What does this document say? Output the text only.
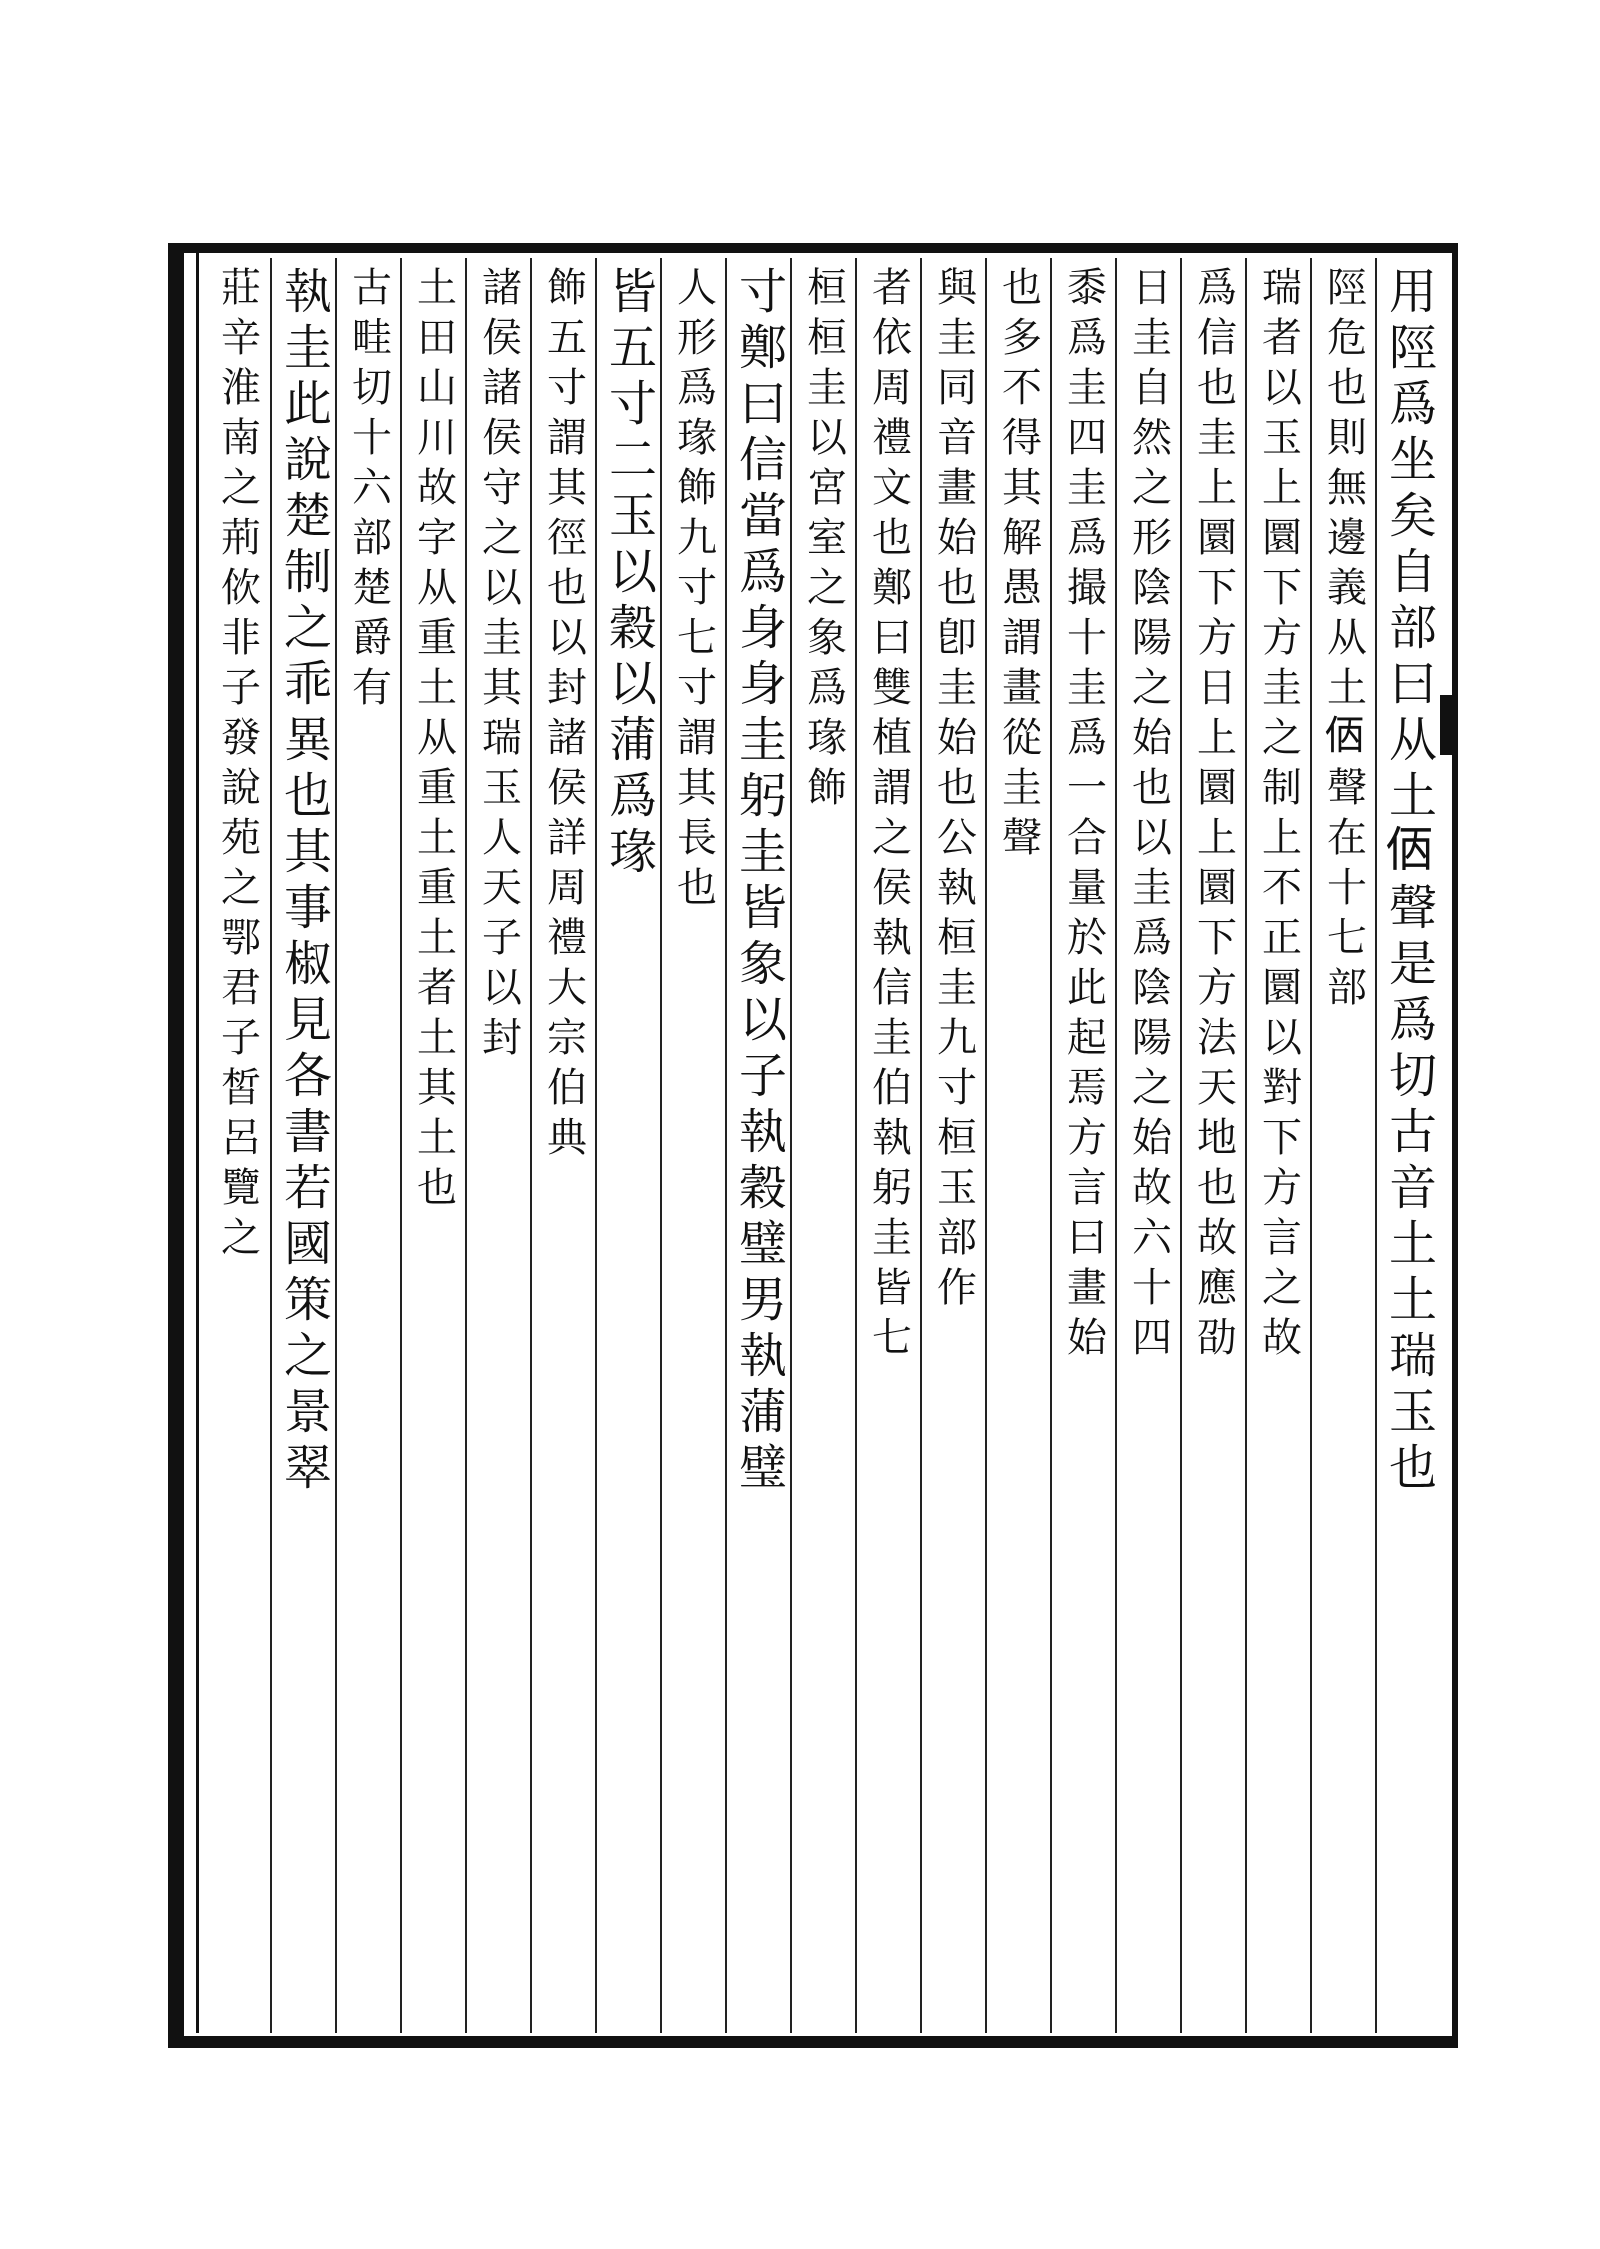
用陘爲坐矣自部曰从土𠈇聲是爲切古音土土瑞玉也
陘危也則無邊義从土𠈇聲在十七部
瑞者以玉上圜下方圭之制上不正圜以對下方言之故
爲信也圭上圜下方日上圜上圜下方法天地也故應劭
日圭自然之形陰陽之始也以圭爲陰陽之始故六十四
黍爲圭四圭爲撮十圭爲一合量於此起焉方言曰畫始
也多不得其解愚謂畫從圭聲
與圭同音畫始也卽圭始也公執桓圭九寸桓玉部作
者依周禮文也鄭曰雙植謂之侯執信圭伯執躬圭皆七
桓桓圭以宮室之象爲瑑飾
寸鄭曰信當爲身身圭躬圭皆象以子執穀璧男執蒲璧
人形爲瑑飾九寸七寸謂其長也
皆五寸二玉以穀以蒲爲瑑
飾五寸謂其徑也以封諸侯詳周禮大宗伯典
諸侯諸侯守之以圭其瑞玉人天子以封
土田山川故字从重土从重土重土者土其土也
古畦切十六部楚爵有
執圭此說楚制之乖異也其事椒見各書若國策之景翠
莊辛淮南之荊佽非子發說苑之鄂君子皙呂覽之
